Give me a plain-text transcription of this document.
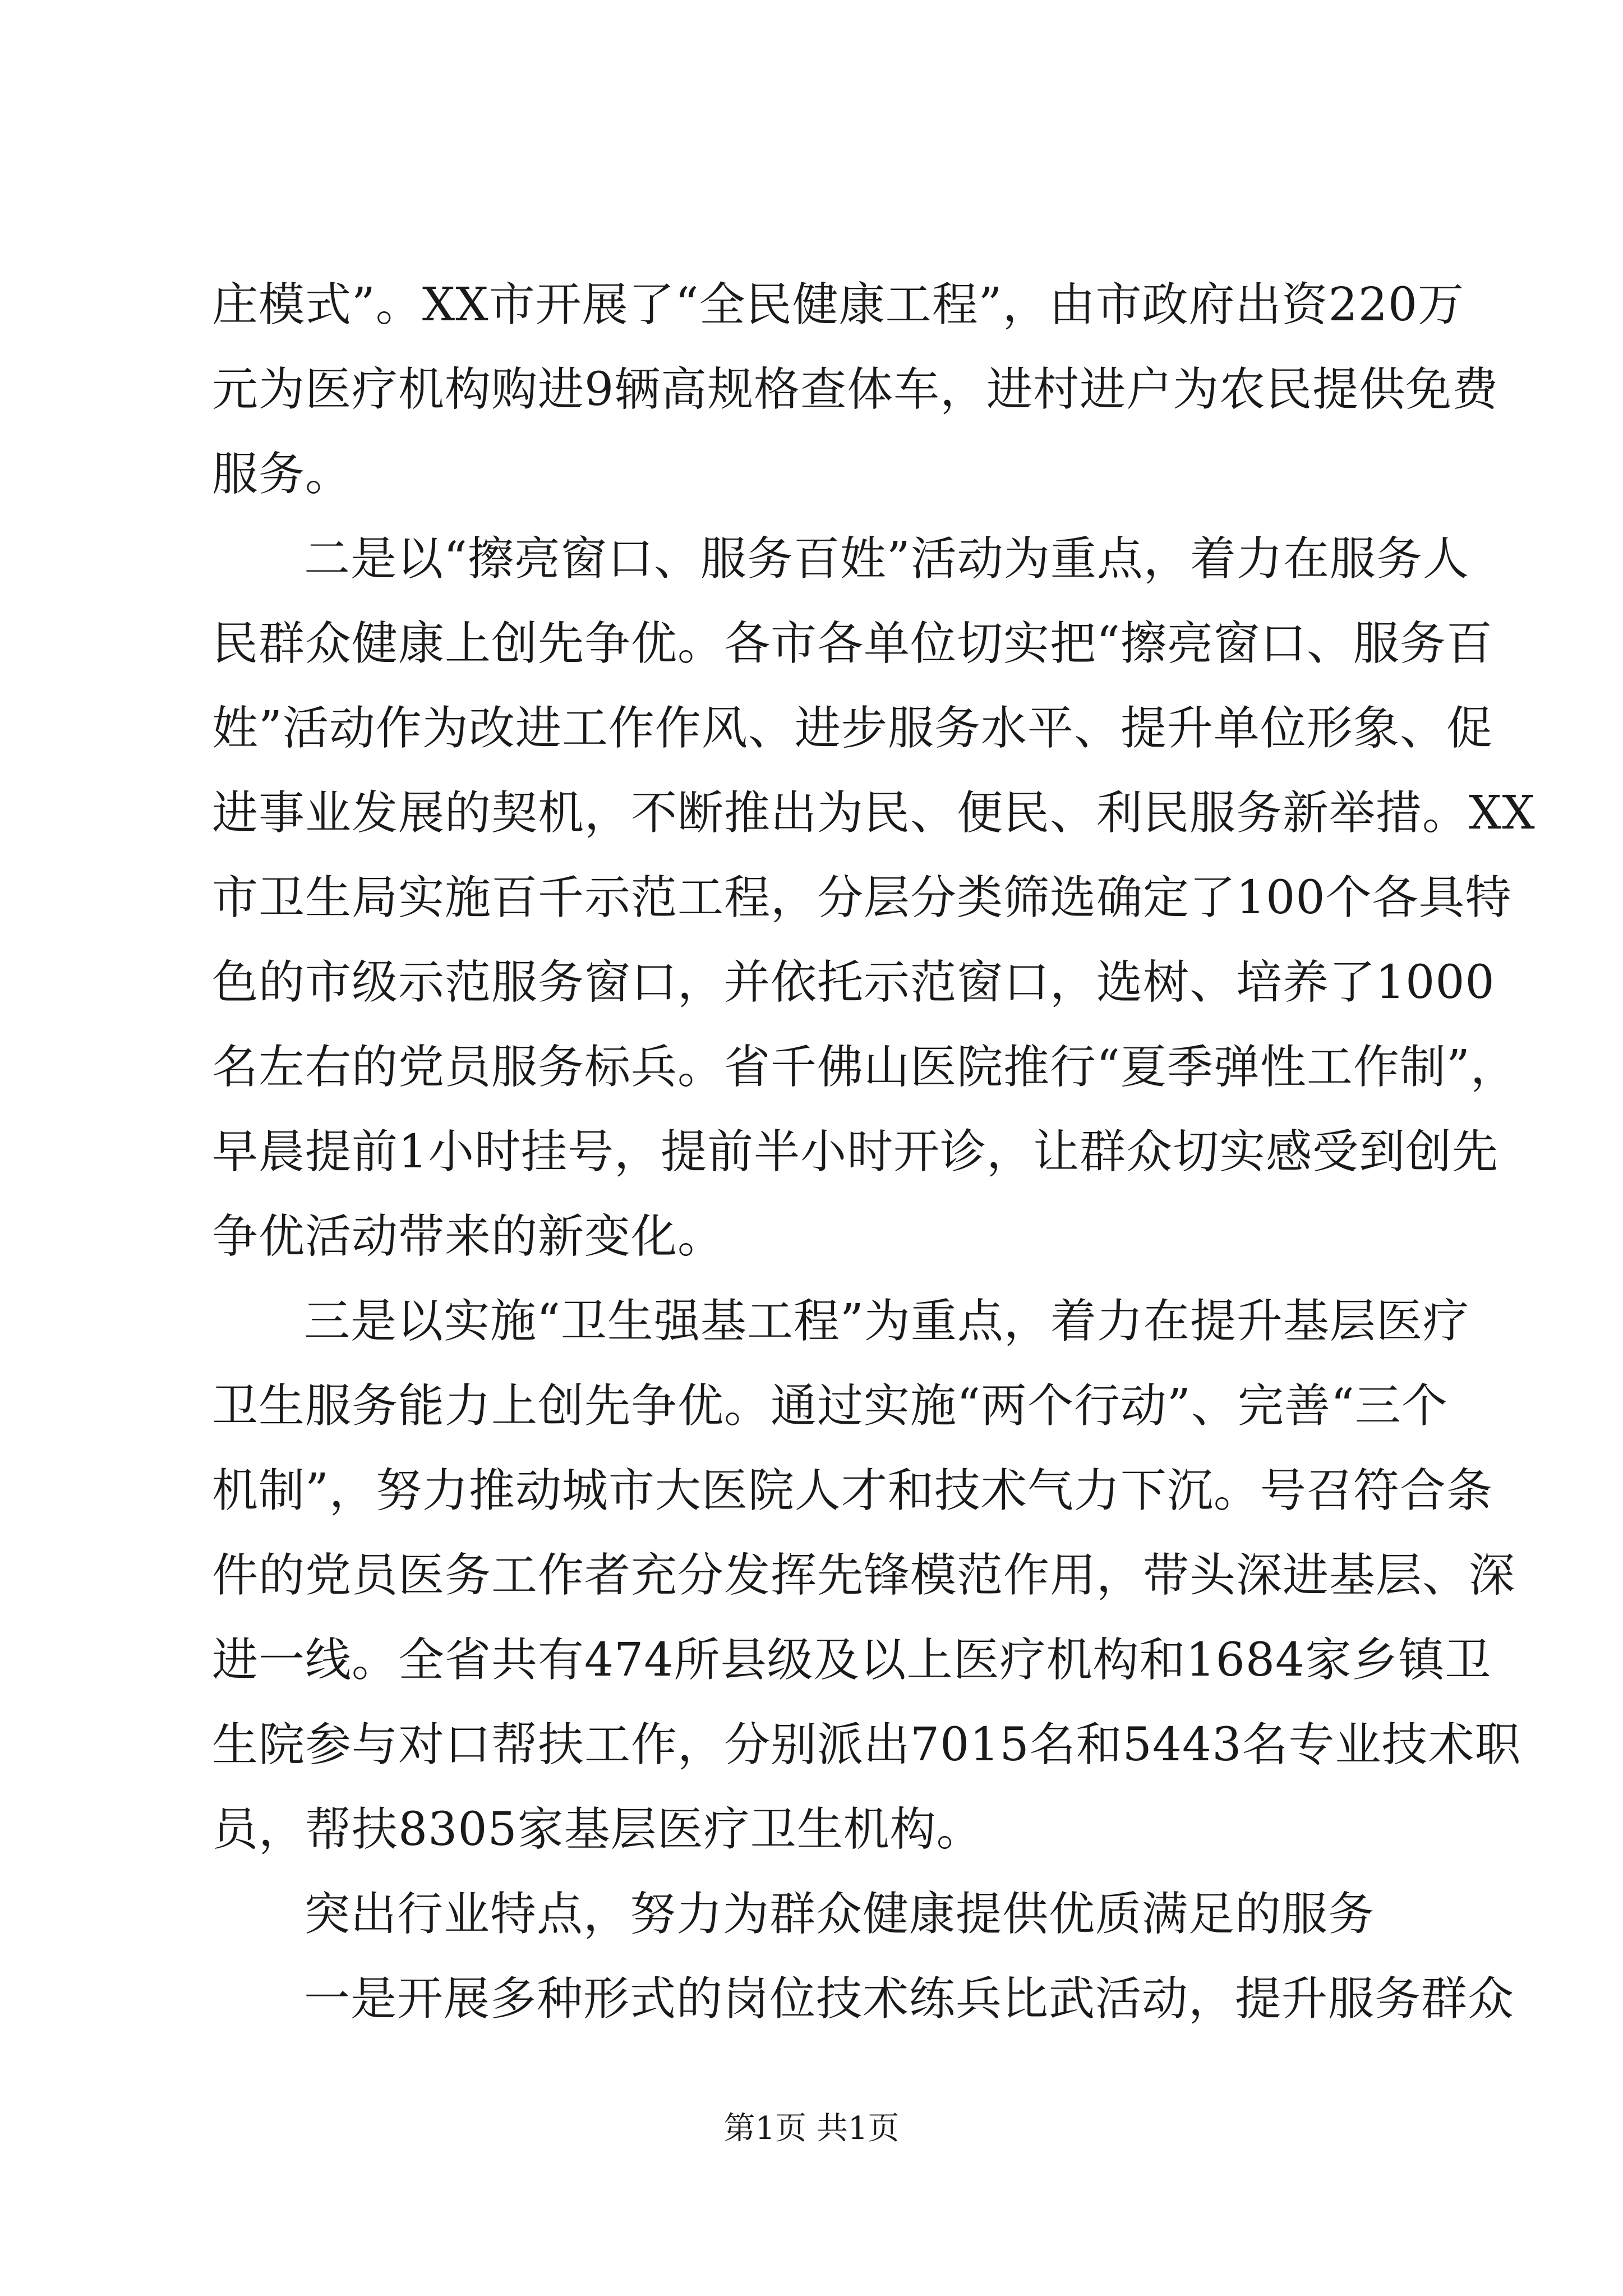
庄模式”。XX市开展了“全民健康工程”，由市政府出资220万
元为医疗机构购进9辆高规格查体车，进村进户为农民提供免费
服务。
二是以“擦亮窗口、服务百姓”活动为重点，着力在服务人
民群众健康上创先争优。各市各单位切实把“擦亮窗口、服务百
姓”活动作为改进工作作风、进步服务水平、提升单位形象、促
进事业发展的契机，不断推出为民、便民、利民服务新举措。XX
市卫生局实施百千示范工程，分层分类筛选确定了100个各具特
色的市级示范服务窗口，并依托示范窗口，选树、培养了1000
名左右的党员服务标兵。省千佛山医院推行“夏季弹性工作制”，
早晨提前1小时挂号，提前半小时开诊，让群众切实感受到创先
争优活动带来的新变化。
三是以实施“卫生强基工程”为重点，着力在提升基层医疗
卫生服务能力上创先争优。通过实施“两个行动”、完善“三个
机制”，努力推动城市大医院人才和技术气力下沉。号召符合条
件的党员医务工作者充分发挥先锋模范作用，带头深进基层、深
进一线。全省共有474所县级及以上医疗机构和1684家乡镇卫
生院参与对口帮扶工作，分别派出7015名和5443名专业技术职
员，帮扶8305家基层医疗卫生机构。
突出行业特点，努力为群众健康提供优质满足的服务
一是开展多种形式的岗位技术练兵比武活动，提升服务群众
第1页 共1页
